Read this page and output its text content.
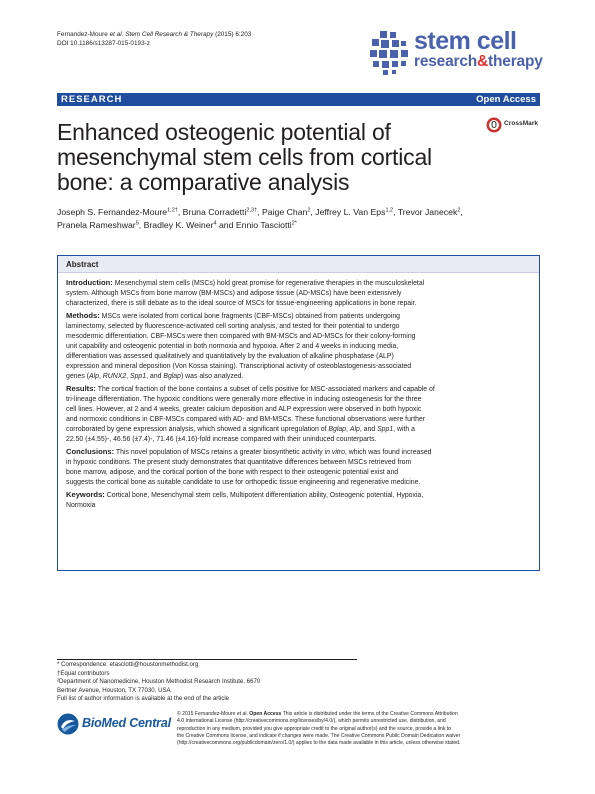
Fernandez-Moure et al. Stem Cell Research & Therapy (2015) 6:203
DOI 10.1186/s13287-015-0193-z	stem cell
research&therapy
RESEARCH	Open Access
CrossMark
Enhanced osteogenic potential of
mesenchymal stem cells from cortical
bone: a comparative analysis
Joseph S. Fernandez-Moure$^{1,2\dagger}$, Bruna Corradetti$^{2,3\dagger}$, Paige Chan$^2$, Jeffrey L. Van Eps$^{1,2}$, Trevor Janecek$^2$,
Pranela Rameshwar$^5$, Bradley K. Weiner$^4$ and Ennio Tasciotti$^{2*}$
Abstract
Introduction: Mesenchymal stem cells (MSCs) hold great promise for regenerative therapies in the musculoskeletal
system. Although MSCs from bone marrow (BM-MSCs) and adipose tissue (AD-MSCs) have been extensively
characterized, there is still debate as to the ideal source of MSCs for tissue-engineering applications in bone repair.
Methods: MSCs were isolated from cortical bone fragments (CBF-MSCs) obtained from patients undergoing
laminectomy, selected by fluorescence-activated cell sorting analysis, and tested for their potential to undergo
mesodermic differentiation. CBF-MSCs were then compared with BM-MSCs and AD-MSCs for their colony-forming
unit capability and osteogenic potential in both normoxia and hypoxia. After 2 and 4 weeks in inducing media,
differentiation was assessed qualitatively and quantitatively by the evaluation of alkaline phosphatase (ALP)
expression and mineral deposition (Von Kossa staining). Transcriptional activity of osteoblastogenesis-associated
genes (Alp, RUNX2, Spp1, and Bglap) was also analyzed.
Results: The cortical fraction of the bone contains a subset of cells positive for MSC-associated markers and capable of
tri-lineage differentiation. The hypoxic conditions were generally more effective in inducing osteogenesis for the three
cell lines. However, at 2 and 4 weeks, greater calcium deposition and ALP expression were observed in both hypoxic
and normoxic conditions in CBF-MSCs compared with AD- and BM-MSCs. These functional observations were further
corroborated by gene expression analysis, which showed a significant upregulation of Bglap, Alp, and Spp1, with a
22.50 (±4.55)-, 46.56 (±7.4)-, 71.46 (±4.16)-fold increase compared with their uninduced counterparts.
Conclusions: This novel population of MSCs retains a greater biosynthetic activity in vitro, which was found increased
in hypoxic conditions. The present study demonstrates that quantitative differences between MSCs retrieved from
bone marrow, adipose, and the cortical portion of the bone with respect to their osteogenic potential exist and
suggests the cortical bone as suitable candidate to use for orthopedic tissue engineering and regenerative medicine.
Keywords: Cortical bone, Mesenchymal stem cells, Multipotent differentiation ability, Osteogenic potential, Hypoxia,
Normoxia
* Correspondence: etasciotti@houstonmethodist.org
†Equal contributors
²Department of Nanomedicine, Houston Methodist Research Institute, 6670
Bertner Avenue, Houston, TX 77030, USA
Full list of author information is available at the end of the article
BioMed Central
© 2015 Fernandez-Moure et al. Open Access This article is distributed under the terms of the Creative Commons Attribution
4.0 International License (http://creativecommons.org/licenses/by/4.0/), which permits unrestricted use, distribution, and
reproduction in any medium, provided you give appropriate credit to the original author(s) and the source, provide a link to
the Creative Commons license, and indicate if changes were made. The Creative Commons Public Domain Dedication waiver
(http://creativecommons.org/publicdomain/zero/1.0/) applies to the data made available in this article, unless otherwise stated.
